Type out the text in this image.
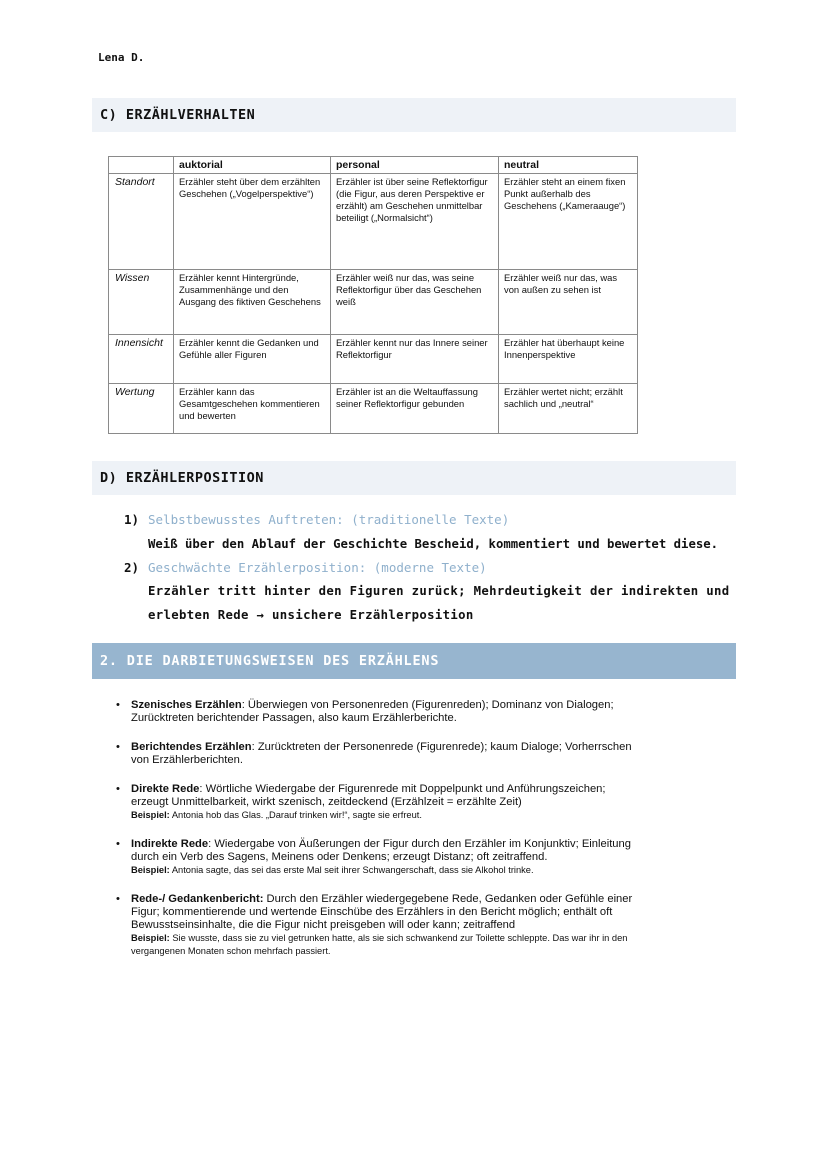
Lena D.
C) ERZÄHLVERHALTEN
	auktorial	personal	neutral
Standort	Erzähler steht über dem erzählten Geschehen („Vogelperspektive“)	Erzähler ist über seine Reflektorfigur (die Figur, aus deren Perspektive er erzählt) am Geschehen unmittelbar beteiligt („Normalsicht“)	Erzähler steht an einem fixen Punkt außerhalb des Geschehens („Kameraauge“)
Wissen	Erzähler kennt Hintergründe, Zusammenhänge und den Ausgang des fiktiven Geschehens	Erzähler weiß nur das, was seine Reflektorfigur über das Geschehen weiß	Erzähler weiß nur das, was von außen zu sehen ist
Innensicht	Erzähler kennt die Gedanken und Gefühle aller Figuren	Erzähler kennt nur das Innere seiner Reflektorfigur	Erzähler hat überhaupt keine Innenperspektive
Wertung	Erzähler kann das Gesamtgeschehen kommentieren und bewerten	Erzähler ist an die Weltauffassung seiner Reflektorfigur gebunden	Erzähler wertet nicht; erzählt sachlich und „neutral“
D) ERZÄHLERPOSITION
1) Selbstbewusstes Auftreten: (traditionelle Texte)
Weiß über den Ablauf der Geschichte Bescheid, kommentiert und bewertet diese.
2) Geschwächte Erzählerposition: (moderne Texte)
Erzähler tritt hinter den Figuren zurück; Mehrdeutigkeit der indirekten und
erlebten Rede → unsichere Erzählerposition
2. DIE DARBIETUNGSWEISEN DES ERZÄHLENS
• Szenisches Erzählen: Überwiegen von Personenreden (Figurenreden); Dominanz von Dialogen; Zurücktreten berichtender Passagen, also kaum Erzählerberichte.
• Berichtendes Erzählen: Zurücktreten der Personenrede (Figurenrede); kaum Dialoge; Vorherrschen von Erzählerberichten.
• Direkte Rede: Wörtliche Wiedergabe der Figurenrede mit Doppelpunkt und Anführungszeichen; erzeugt Unmittelbarkeit, wirkt szenisch, zeitdeckend (Erzählzeit = erzählte Zeit)
Beispiel: Antonia hob das Glas. „Darauf trinken wir!“, sagte sie erfreut.
• Indirekte Rede: Wiedergabe von Äußerungen der Figur durch den Erzähler im Konjunktiv; Einleitung durch ein Verb des Sagens, Meinens oder Denkens; erzeugt Distanz; oft zeitraffend.
Beispiel: Antonia sagte, das sei das erste Mal seit ihrer Schwangerschaft, dass sie Alkohol trinke.
• Rede-/ Gedankenbericht: Durch den Erzähler wiedergegebene Rede, Gedanken oder Gefühle einer Figur; kommentierende und wertende Einschübe des Erzählers in den Bericht möglich; enthält oft Bewusstseinsinhalte, die die Figur nicht preisgeben will oder kann; zeitraffend
Beispiel: Sie wusste, dass sie zu viel getrunken hatte, als sie sich schwankend zur Toilette schleppte. Das war ihr in den vergangenen Monaten schon mehrfach passiert.
